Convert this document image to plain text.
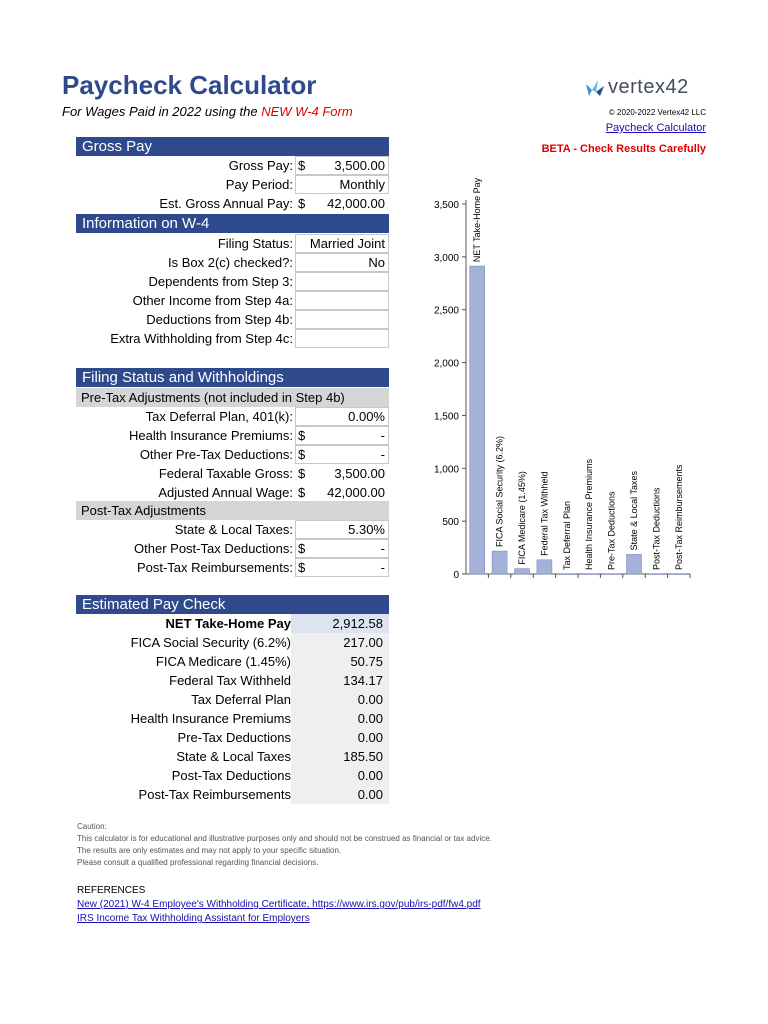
Paycheck Calculator
For Wages Paid in 2022 using the NEW W-4 Form
vertex42
© 2020-2022 Vertex42 LLC
Paycheck Calculator
BETA - Check Results Carefully
Gross Pay
Information on W-4
Filing Status and Withholdings
Pre-Tax Adjustments (not included in Step 4b)
Post-Tax Adjustments
Estimated Pay Check
Caution:
This calculator is for educational and illustrative purposes only and should not be construed as financial or tax advice.
The results are only estimates and may not apply to your specific situation.
Please consult a qualified professional regarding financial decisions.
REFERENCES
New (2021) W-4 Employee's Withholding Certificate, https://www.irs.gov/pub/irs-pdf/fw4.pdf
IRS Income Tax Withholding Assistant for Employers
0
500
1,000
1,500
2,000
2,500
3,000
3,500 NET Take-Home Pay
FICA Social Security (6.2%) FICA Medicare (1.45%) Federal Tax Withheld Tax Deferral Plan Health Insurance Premiums Pre-Tax Deductions State & Local Taxes Post-Tax Deductions Post-Tax Reimbursements
Gross Pay: $ 3,500.00
Pay Period:	Monthly
Est. Gross Annual Pay: $ 42,000.00
Filing Status: Married Joint
Is Box 2(c) checked?:	No
Dependents from Step 3:
Other Income from Step 4a:
Deductions from Step 4b:
Extra Withholding from Step 4c:
Tax Deferral Plan, 401(k):	0.00%
Health Insurance Premiums: $	-
Other Pre-Tax Deductions: $	-
Federal Taxable Gross: $ 3,500.00
Adjusted Annual Wage: $ 42,000.00
State & Local Taxes:	5.30%
Other Post-Tax Deductions: $	-
Post-Tax Reimbursements: $	-
NET Take-Home Pay	2,912.58
FICA Social Security (6.2%)	217.00
FICA Medicare (1.45%)	50.75
Federal Tax Withheld	134.17
Tax Deferral Plan	0.00
Health Insurance Premiums	0.00
Pre-Tax Deductions	0.00
State & Local Taxes	185.50
Post-Tax Deductions	0.00
Post-Tax Reimbursements	0.00
